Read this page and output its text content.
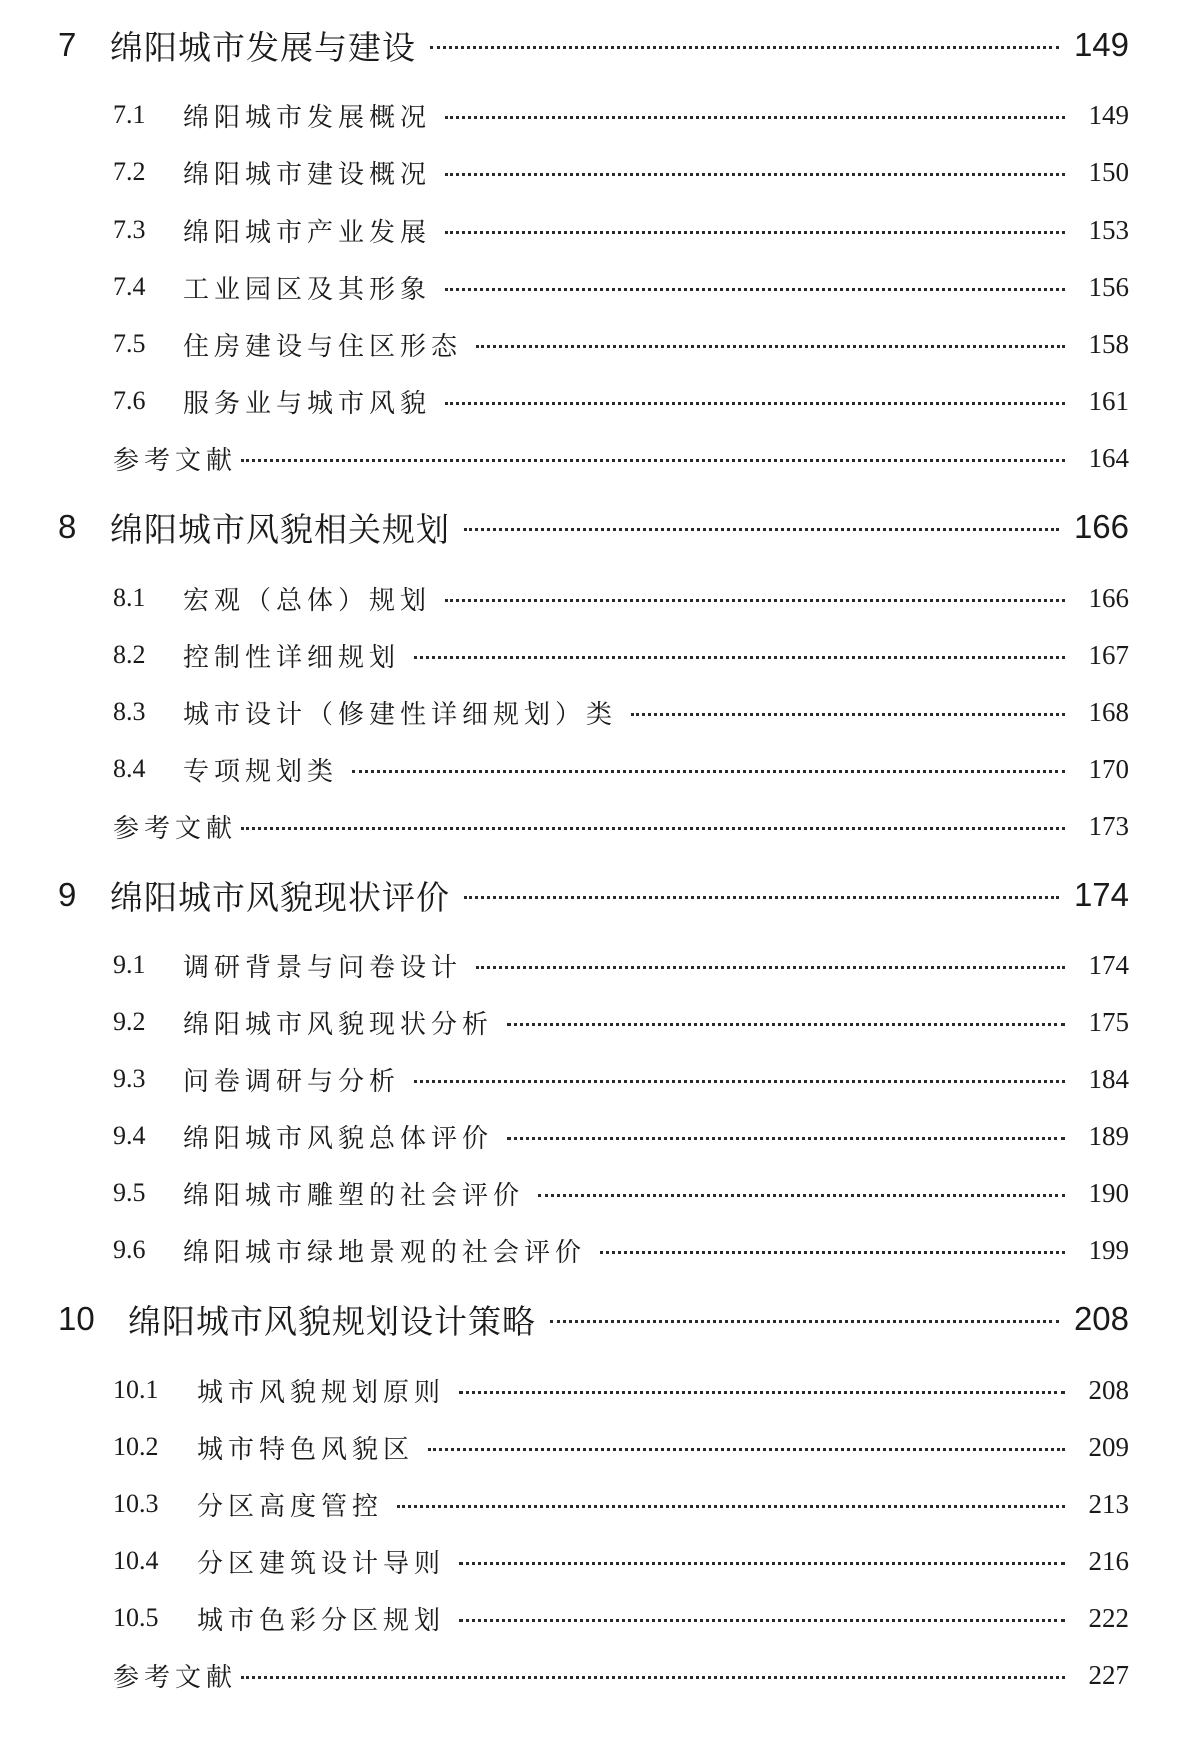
7	绵阳城市发展与建设	149
7.1	绵阳城市发展概况	149
7.2	绵阳城市建设概况	150
7.3	绵阳城市产业发展	153
7.4	工业园区及其形象	156
7.5	住房建设与住区形态	158
7.6	服务业与城市风貌	161
参考文献	164
8	绵阳城市风貌相关规划	166
8.1	宏观（总体）规划	166
8.2	控制性详细规划	167
8.3	城市设计（修建性详细规划）类	168
8.4	专项规划类	170
参考文献	173
9	绵阳城市风貌现状评价	174
9.1	调研背景与问卷设计	174
9.2	绵阳城市风貌现状分析	175
9.3	问卷调研与分析	184
9.4	绵阳城市风貌总体评价	189
9.5	绵阳城市雕塑的社会评价	190
9.6	绵阳城市绿地景观的社会评价	199
10	绵阳城市风貌规划设计策略	208
10.1	城市风貌规划原则	208
10.2	城市特色风貌区	209
10.3	分区高度管控	213
10.4	分区建筑设计导则	216
10.5	城市色彩分区规划	222
参考文献	227
